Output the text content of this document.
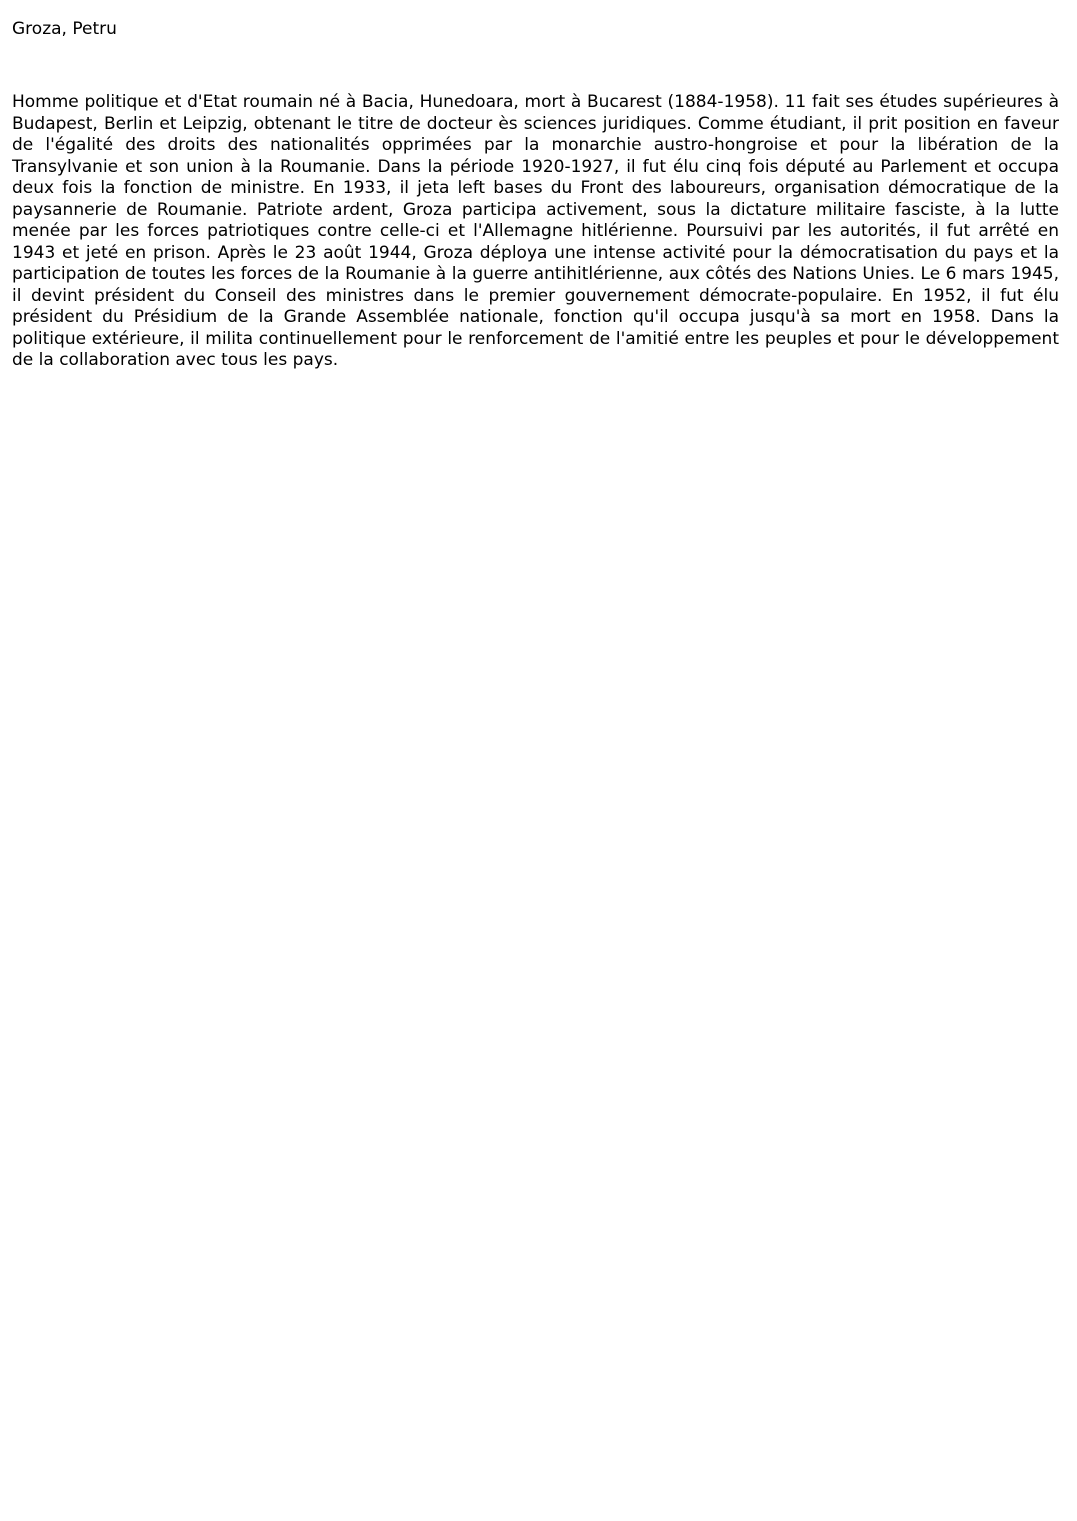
Groza, Petru

Homme politique et d'Etat roumain né à Bacia, Hunedoara, mort à Bucarest (1884-1958). 11 fait ses études supérieures à Budapest, Berlin et Leipzig, obtenant le titre de docteur ès sciences juridiques. Comme étudiant, il prit position en faveur de l'égalité des droits des nationalités opprimées par la monarchie austro-hongroise et pour la libération de la Transylvanie et son union à la Roumanie. Dans la période 1920-1927, il fut élu cinq fois député au Parlement et occupa deux fois la fonction de ministre. En 1933, il jeta left bases du Front des laboureurs, organisation démocratique de la paysannerie de Roumanie. Patriote ardent, Groza participa activement, sous la dictature militaire fasciste, à la lutte menée par les forces patriotiques contre celle-ci et l'Allemagne hitlérienne. Poursuivi par les autorités, il fut arrêté en 1943 et jeté en prison. Après le 23 août 1944, Groza déploya une intense activité pour la démocratisation du pays et la participation de toutes les forces de la Roumanie à la guerre antihitlérienne, aux côtés des Nations Unies. Le 6 mars 1945, il devint président du Conseil des ministres dans le premier gouvernement démocrate-populaire. En 1952, il fut élu président du Présidium de la Grande Assemblée nationale, fonction qu'il occupa jusqu'à sa mort en 1958. Dans la politique extérieure, il milita continuellement pour le renforcement de l'amitié entre les peuples et pour le développement de la collaboration avec tous les pays.
